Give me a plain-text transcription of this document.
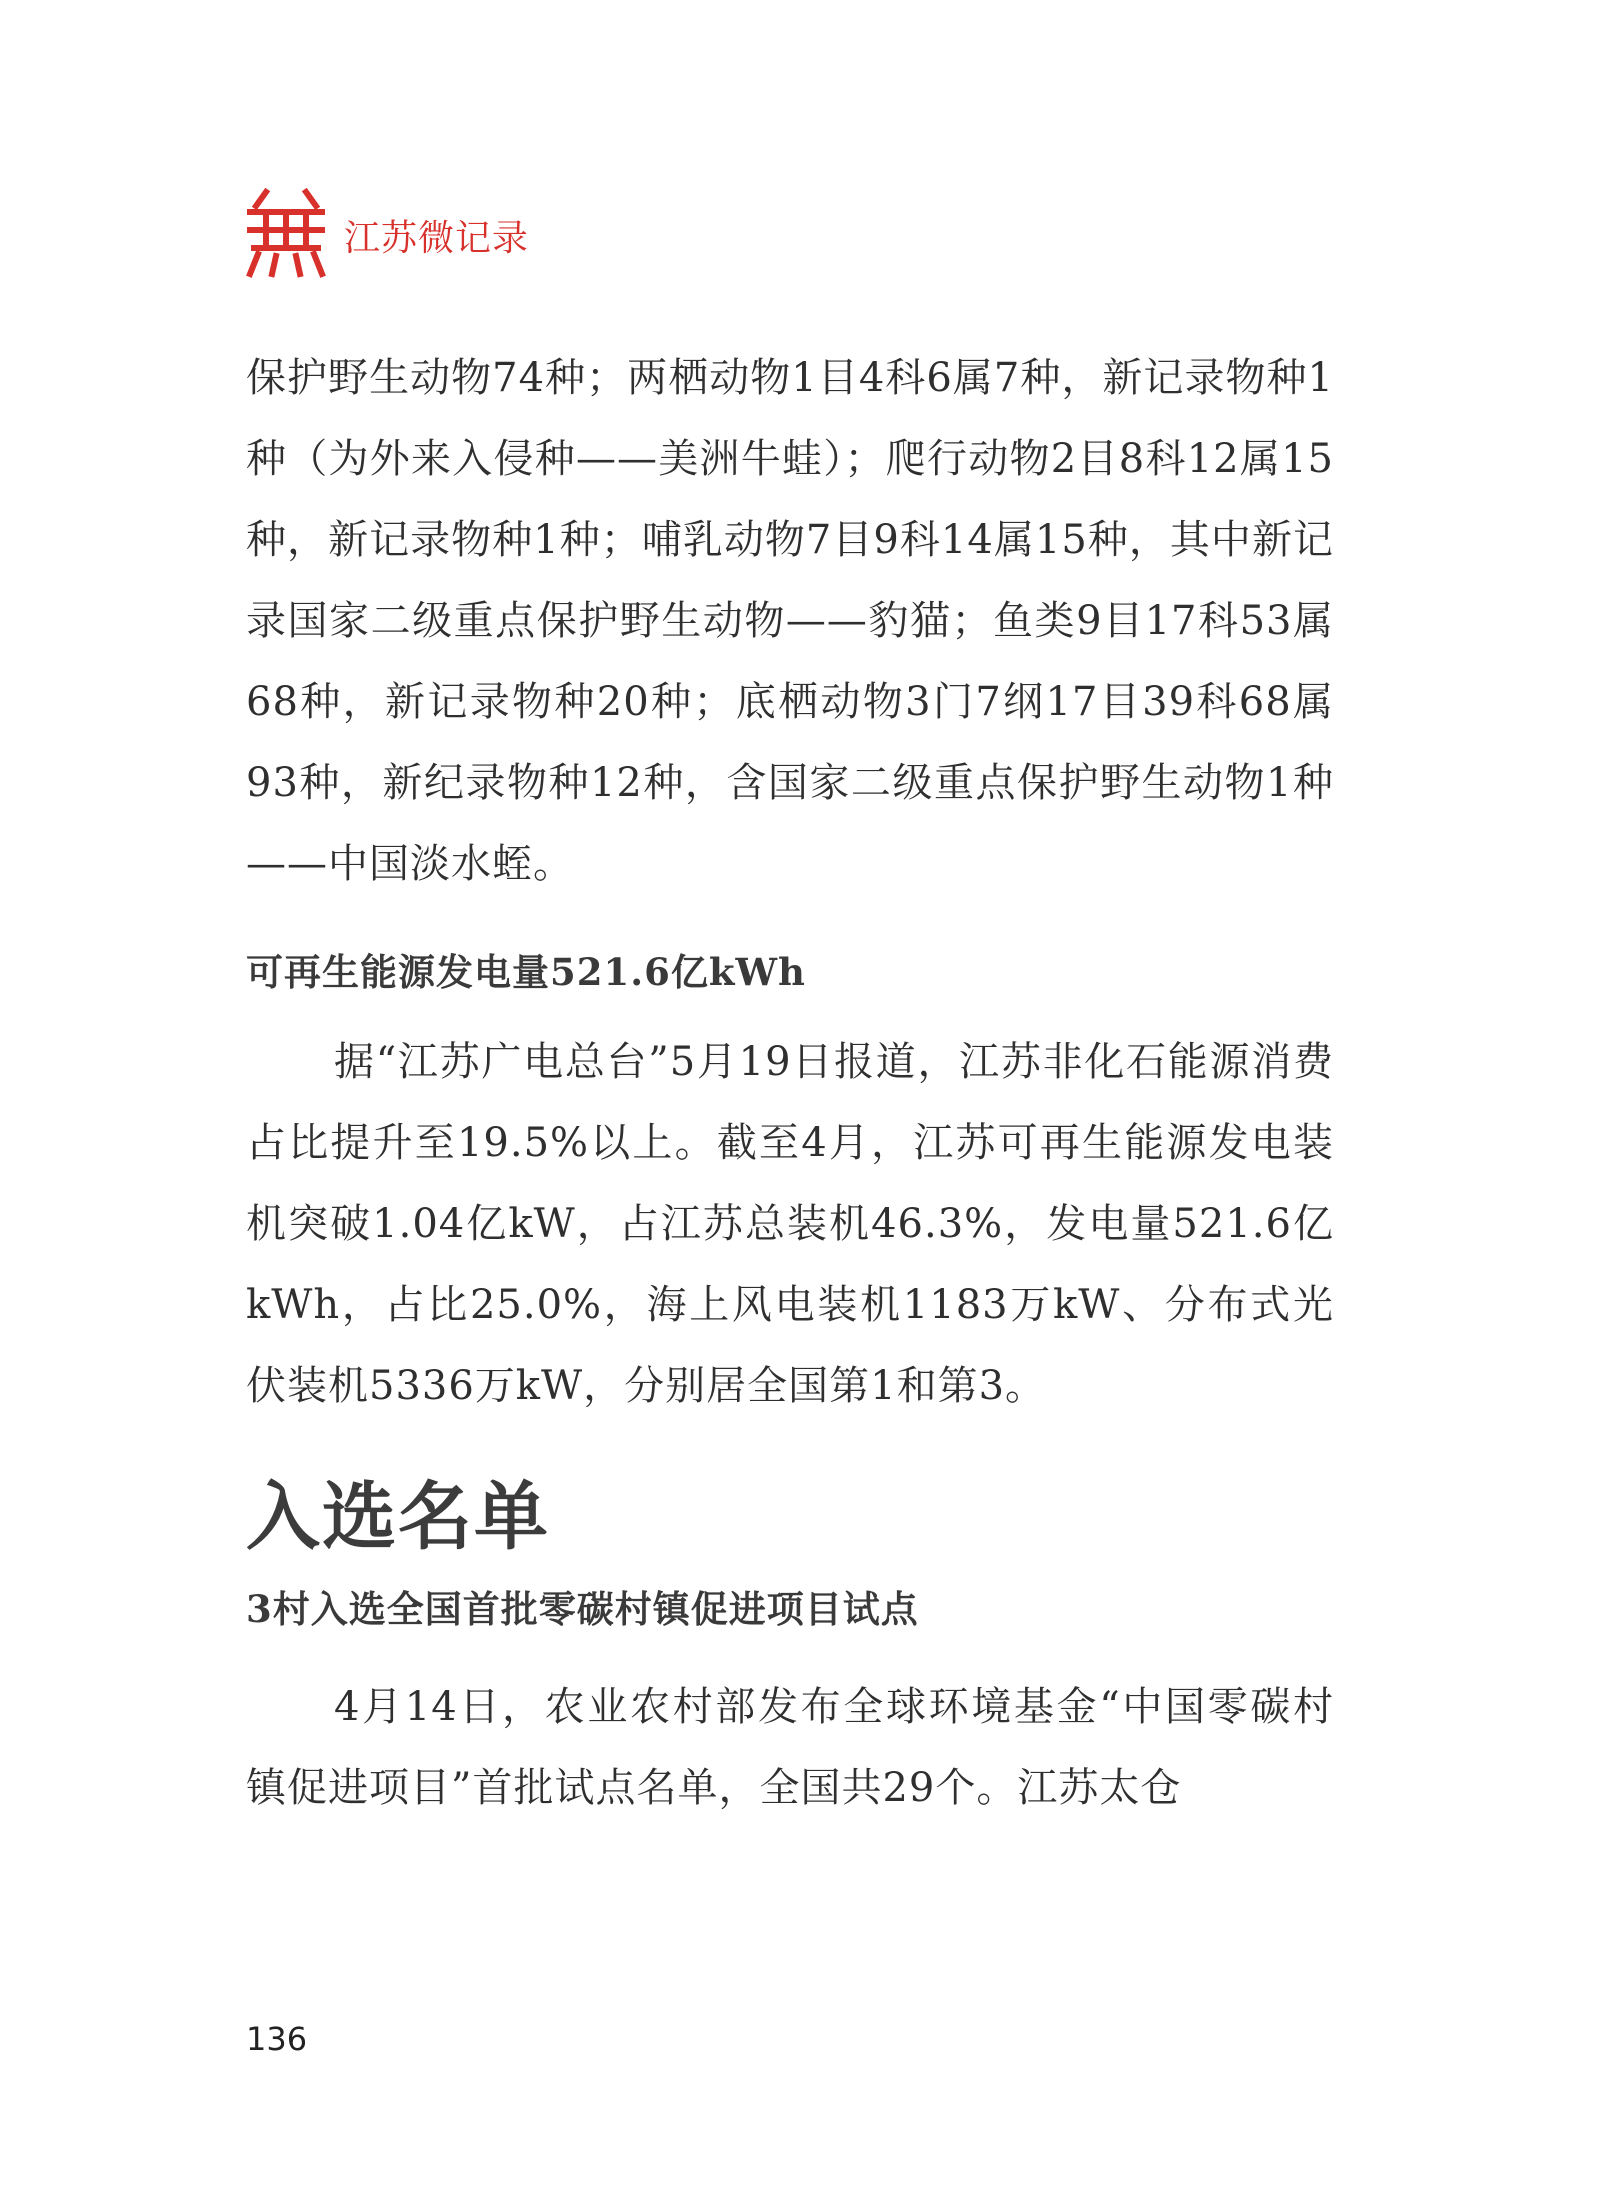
江苏微记录

保护野生动物74种；两栖动物1目4科6属7种，新记录物种1种（为外来入侵种——美洲牛蛙）；爬行动物2目8科12属15种，新记录物种1种；哺乳动物7目9科14属15种，其中新记录国家二级重点保护野生动物——豹猫；鱼类9目17科53属68种，新记录物种20种；底栖动物3门7纲17目39科68属93种，新纪录物种12种，含国家二级重点保护野生动物1种——中国淡水蛭。

可再生能源发电量521.6亿kWh

据“江苏广电总台”5月19日报道，江苏非化石能源消费占比提升至19.5%以上。截至4月，江苏可再生能源发电装机突破1.04亿kW，占江苏总装机46.3%，发电量521.6亿kWh，占比25.0%，海上风电装机1183万kW、分布式光伏装机5336万kW，分别居全国第1和第3。

入选名单
3村入选全国首批零碳村镇促进项目试点

4月14日，农业农村部发布全球环境基金“中国零碳村镇促进项目”首批试点名单，全国共29个。江苏太仓

136
